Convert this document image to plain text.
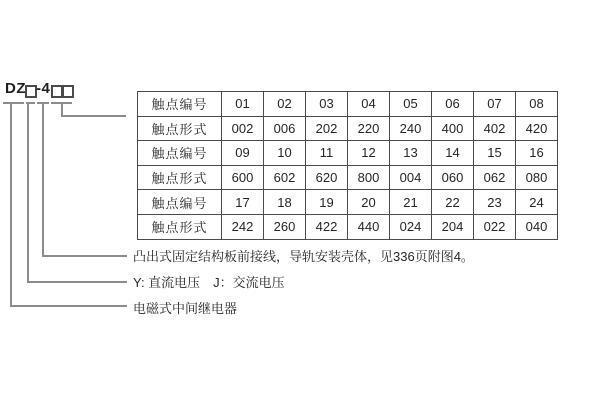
DZ -4
触点编号	01	02	03	04	05	06	07	08
触点形式	002	006	202	220	240	400	402	420
触点编号	09	10	11	12	13	14	15	16
触点形式	600	602	620	800	004	060	062	080
触点编号	17	18	19	20	21	22	23	24
触点形式	242	260	422	440	024	204	022	040
凸出式固定结构板前接线，导轨安装壳体，见336页附图4。
Y: 直流电压　J：交流电压
电磁式中间继电器
